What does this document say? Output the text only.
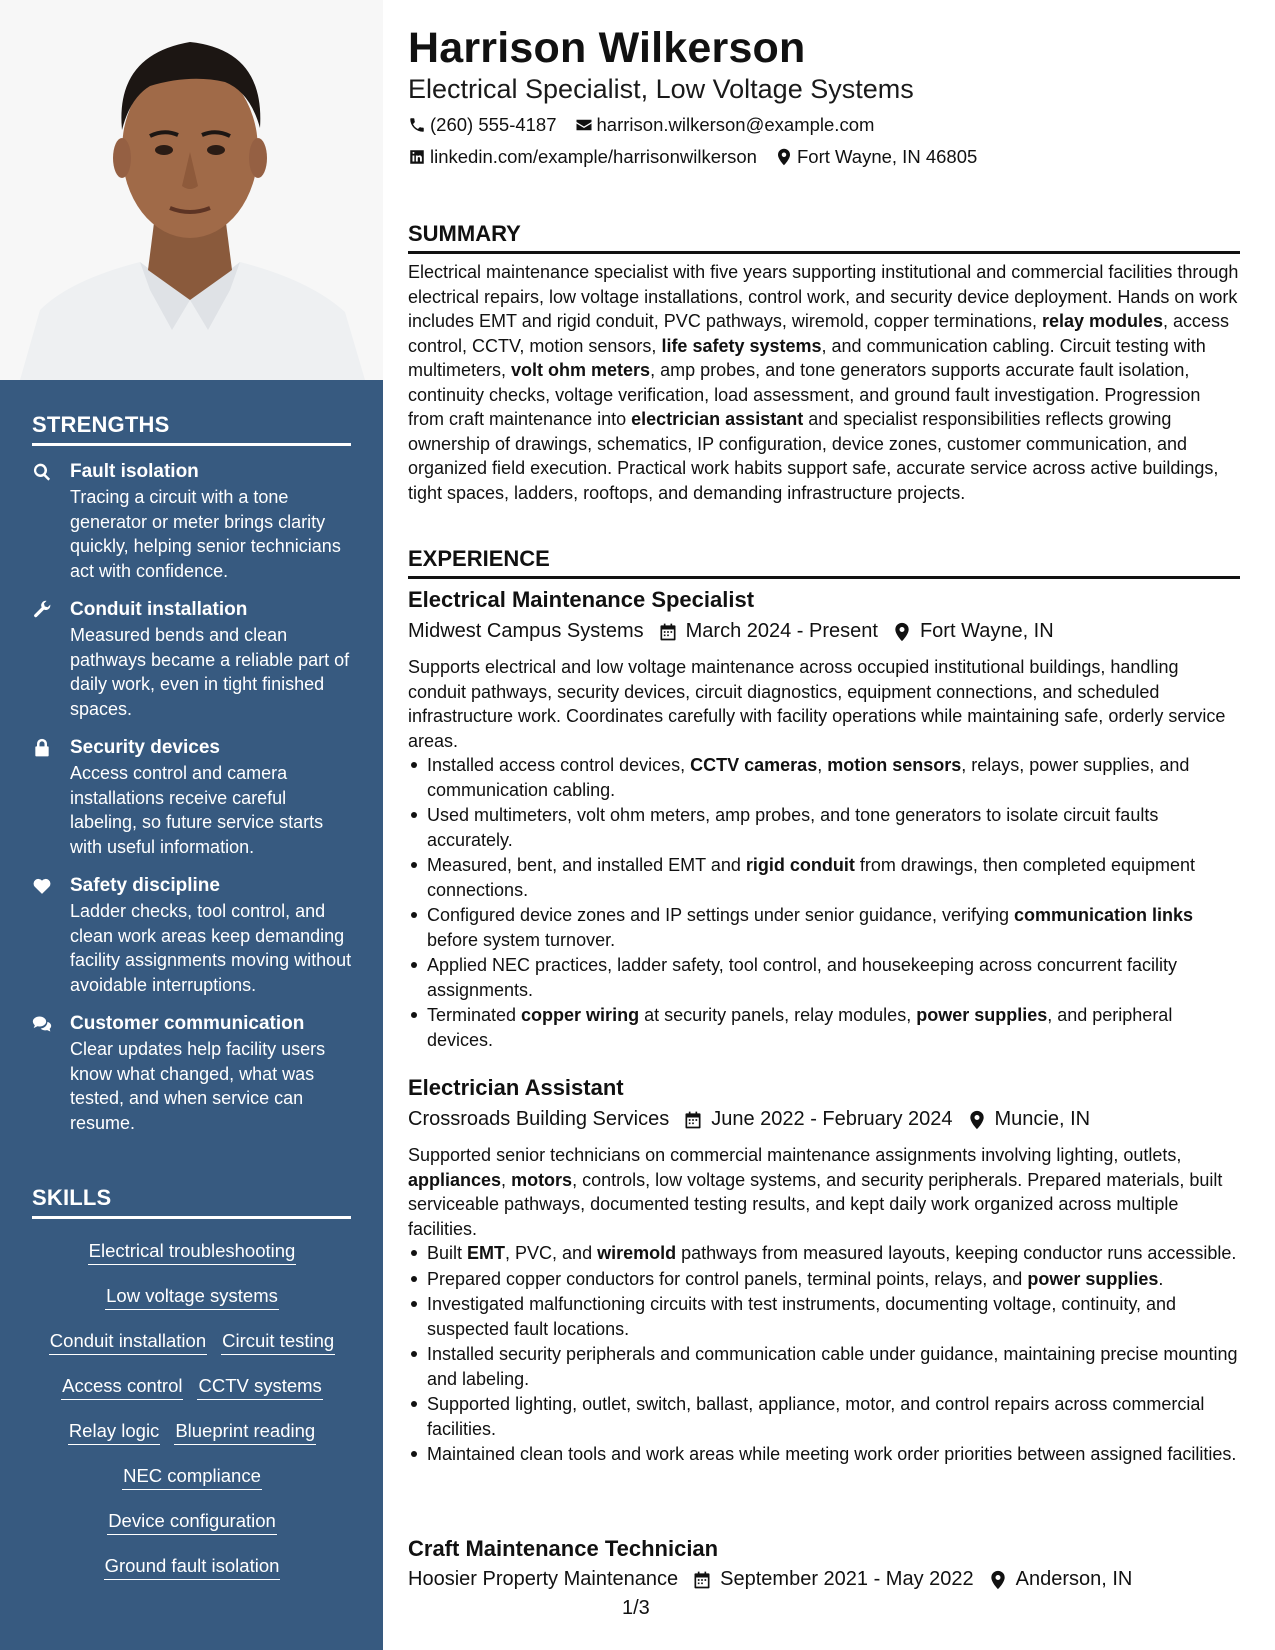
STRENGTHS
Fault isolation
Tracing a circuit with a tone generator or meter brings clarity quickly, helping senior technicians act with confidence.
Conduit installation
Measured bends and clean pathways became a reliable part of daily work, even in tight finished spaces.
Security devices
Access control and camera installations receive careful labeling, so future service starts with useful information.
Safety discipline
Ladder checks, tool control, and clean work areas keep demanding facility assignments moving without avoidable interruptions.
Customer communication
Clear updates help facility users know what changed, what was tested, and when service can resume.
SKILLS
Electrical troubleshooting
Low voltage systems
Conduit installation Circuit testing
Access control CCTV systems
Relay logic Blueprint reading
NEC compliance
Device configuration
Ground fault isolation
Harrison Wilkerson
Electrical Specialist, Low Voltage Systems
(260) 555-4187 harrison.wilkerson@example.com
linkedin.com/example/harrisonwilkerson Fort Wayne, IN 46805
SUMMARY
Electrical maintenance specialist with five years supporting institutional and commercial facilities through electrical repairs, low voltage installations, control work, and security device deployment. Hands on work includes EMT and rigid conduit, PVC pathways, wiremold, copper terminations, relay modules, access control, CCTV, motion sensors, life safety systems, and communication cabling. Circuit testing with multimeters, volt ohm meters, amp probes, and tone generators supports accurate fault isolation, continuity checks, voltage verification, load assessment, and ground fault investigation. Progression from craft maintenance into electrician assistant and specialist responsibilities reflects growing ownership of drawings, schematics, IP configuration, device zones, customer communication, and organized field execution. Practical work habits support safe, accurate service across active buildings, tight spaces, ladders, rooftops, and demanding infrastructure projects.
EXPERIENCE
Electrical Maintenance Specialist
Midwest Campus Systems March 2024 - Present Fort Wayne, IN
Supports electrical and low voltage maintenance across occupied institutional buildings, handling conduit pathways, security devices, circuit diagnostics, equipment connections, and scheduled infrastructure work. Coordinates carefully with facility operations while maintaining safe, orderly service areas.
Installed access control devices, CCTV cameras, motion sensors, relays, power supplies, and communication cabling.
Used multimeters, volt ohm meters, amp probes, and tone generators to isolate circuit faults accurately.
Measured, bent, and installed EMT and rigid conduit from drawings, then completed equipment connections.
Configured device zones and IP settings under senior guidance, verifying communication links before system turnover.
Applied NEC practices, ladder safety, tool control, and housekeeping across concurrent facility assignments.
Terminated copper wiring at security panels, relay modules, power supplies, and peripheral devices.
Electrician Assistant
Crossroads Building Services June 2022 - February 2024 Muncie, IN
Supported senior technicians on commercial maintenance assignments involving lighting, outlets, appliances, motors, controls, low voltage systems, and security peripherals. Prepared materials, built serviceable pathways, documented testing results, and kept daily work organized across multiple facilities.
Built EMT, PVC, and wiremold pathways from measured layouts, keeping conductor runs accessible.
Prepared copper conductors for control panels, terminal points, relays, and power supplies.
Investigated malfunctioning circuits with test instruments, documenting voltage, continuity, and suspected fault locations.
Installed security peripherals and communication cable under guidance, maintaining precise mounting and labeling.
Supported lighting, outlet, switch, ballast, appliance, motor, and control repairs across commercial facilities.
Maintained clean tools and work areas while meeting work order priorities between assigned facilities.
Craft Maintenance Technician
Hoosier Property Maintenance September 2021 - May 2022 Anderson, IN
1/3
